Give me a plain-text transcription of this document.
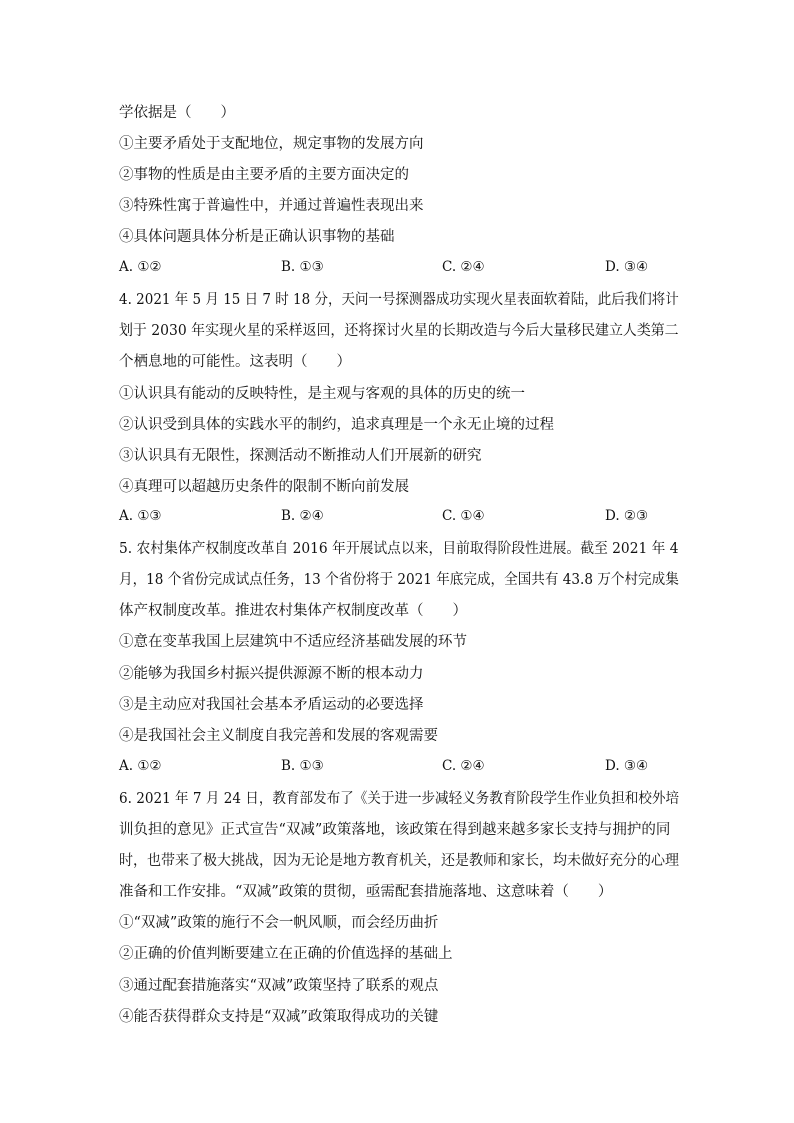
学依据是（　　）
①主要矛盾处于支配地位，规定事物的发展方向
②事物的性质是由主要矛盾的主要方面决定的
③特殊性寓于普遍性中，并通过普遍性表现出来
④具体问题具体分析是正确认识事物的基础
A. ①②	B. ①③	C. ②④	D. ③④
4. 2021 年 5 月 15 日 7 时 18 分，天问一号探测器成功实现火星表面软着陆，此后我们将计
划于 2030 年实现火星的采样返回，还将探讨火星的长期改造与今后大量移民建立人类第二
个栖息地的可能性。这表明（　　）
①认识具有能动的反映特性，是主观与客观的具体的历史的统一
②认识受到具体的实践水平的制约，追求真理是一个永无止境的过程
③认识具有无限性，探测活动不断推动人们开展新的研究
④真理可以超越历史条件的限制不断向前发展
A. ①③	B. ②④	C. ①④	D. ②③
5. 农村集体产权制度改革自 2016 年开展试点以来，目前取得阶段性进展。截至 2021 年 4
月，18 个省份完成试点任务，13 个省份将于 2021 年底完成，全国共有 43.8 万个村完成集
体产权制度改革。推进农村集体产权制度改革（　　）
①意在变革我国上层建筑中不适应经济基础发展的环节
②能够为我国乡村振兴提供源源不断的根本动力
③是主动应对我国社会基本矛盾运动的必要选择
④是我国社会主义制度自我完善和发展的客观需要
A. ①②	B. ①③	C. ②④	D. ③④
6. 2021 年 7 月 24 日，教育部发布了《关于进一步减轻义务教育阶段学生作业负担和校外培
训负担的意见》正式宣告“双减”政策落地，该政策在得到越来越多家长支持与拥护的同
时，也带来了极大挑战，因为无论是地方教育机关，还是教师和家长，均未做好充分的心理
准备和工作安排。“双减”政策的贯彻，亟需配套措施落地、这意味着（　　）
①“双减”政策的施行不会一帆风顺，而会经历曲折
②正确的价值判断要建立在正确的价值选择的基础上
③通过配套措施落实“双减”政策坚持了联系的观点
④能否获得群众支持是“双减”政策取得成功的关键
